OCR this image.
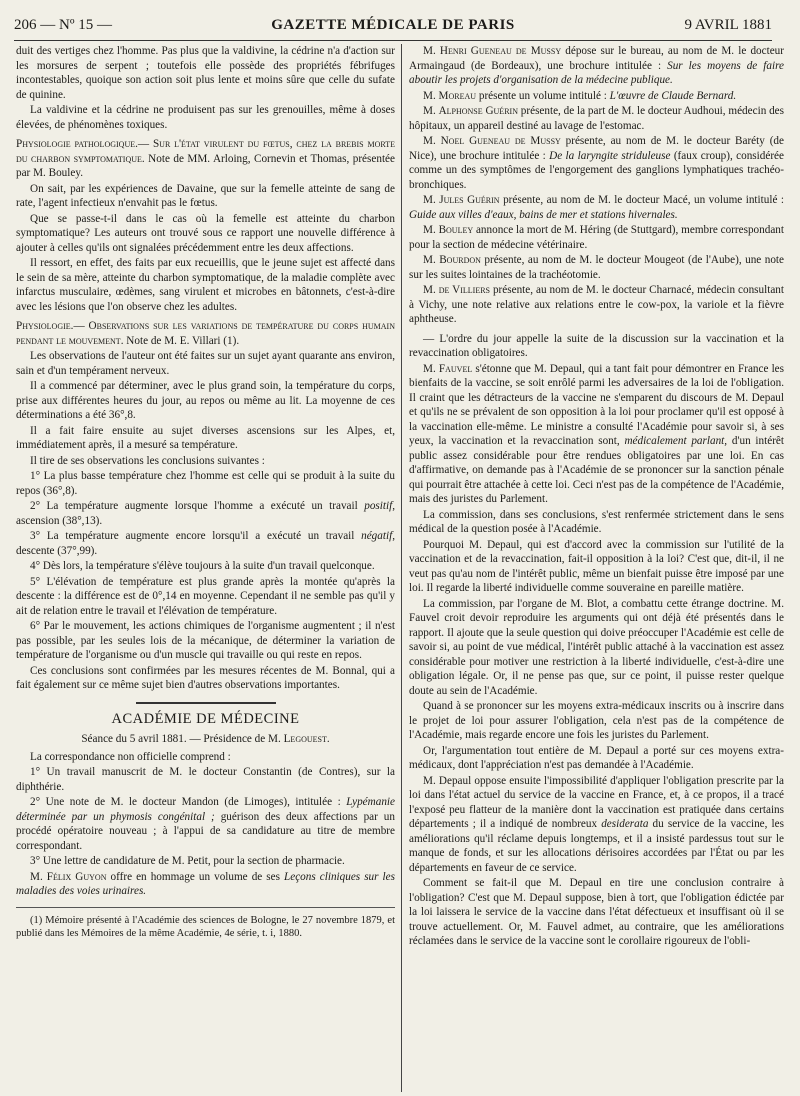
206 — Nº 15 —	GAZETTE MÉDICALE DE PARIS	9 AVRIL 1881

duit des vertiges chez l'homme. Pas plus que la valdivine, la cédrine n'a d'action sur les morsures de serpent ; toutefois elle possède des propriétés fébrifuges incontestables, quoique son action soit plus lente et moins sûre que celle du sufate de quinine.

La valdivine et la cédrine ne produisent pas sur les grenouilles, même à doses élevées, de phénomènes toxiques.

Physiologie pathologique.— Sur l'état virulent du fœtus, chez la brebis morte du charbon symptomatique. Note de MM. Arloing, Cornevin et Thomas, présentée par M. Bouley.

On sait, par les expériences de Davaine, que sur la femelle atteinte de sang de rate, l'agent infectieux n'envahit pas le fœtus.

Que se passe-t-il dans le cas où la femelle est atteinte du charbon symptomatique? Les auteurs ont trouvé sous ce rapport une nouvelle différence à ajouter à celles qu'ils ont signalées précédemment entre les deux affections.

Il ressort, en effet, des faits par eux recueillis, que le jeune sujet est affecté dans le sein de sa mère, atteinte du charbon symptomatique, de la maladie complète avec infarctus musculaire, œdèmes, sang virulent et microbes en bâtonnets, c'est-à-dire avec les lésions que l'on observe chez les adultes.

Physiologie.— Observations sur les variations de température du corps humain pendant le mouvement. Note de M. E. Villari (1).

Les observations de l'auteur ont été faites sur un sujet ayant quarante ans environ, sain et d'un tempérament nerveux.

Il a commencé par déterminer, avec le plus grand soin, la température du corps, prise aux différentes heures du jour, au repos ou même au lit. La moyenne de ces déterminations a été 36°,8.

Il a fait faire ensuite au sujet diverses ascensions sur les Alpes, et, immédiatement après, il a mesuré sa température.

Il tire de ses observations les conclusions suivantes :

1° La plus basse température chez l'homme est celle qui se produit à la suite du repos (36°,8).

2° La température augmente lorsque l'homme a exécuté un travail positif, ascension (38°,13).

3° La température augmente encore lorsqu'il a exécuté un travail négatif, descente (37°,99).

4° Dès lors, la température s'élève toujours à la suite d'un travail quelconque.

5° L'élévation de température est plus grande après la montée qu'après la descente : la différence est de 0°,14 en moyenne. Cependant il ne semble pas qu'il y ait de relation entre le travail et l'élévation de température.

6° Par le mouvement, les actions chimiques de l'organisme augmentent ; il n'est pas possible, par les seules lois de la mécanique, de déterminer la variation de température de l'organisme ou d'un muscle qui travaille ou qui reste en repos.

Ces conclusions sont confirmées par les mesures récentes de M. Bonnal, qui a fait également sur ce même sujet bien d'autres observations importantes.

ACADÉMIE DE MÉDECINE
Séance du 5 avril 1881. — Présidence de M. Legouest.

La correspondance non officielle comprend :

1° Un travail manuscrit de M. le docteur Constantin (de Contres), sur la diphthérie.

2° Une note de M. le docteur Mandon (de Limoges), intitulée : Lypémanie déterminée par un phymosis congénital ; guérison des deux affections par un procédé opératoire nouveau ; à l'appui de sa candidature au titre de membre correspondant.

3° Une lettre de candidature de M. Petit, pour la section de pharmacie.

M. Félix Guyon offre en hommage un volume de ses Leçons cliniques sur les maladies des voies urinaires.

(1) Mémoire présenté à l'Académie des sciences de Bologne, le 27 novembre 1879, et publié dans les Mémoires de la même Académie, 4e série, t. i, 1880.

M. Henri Gueneau de Mussy dépose sur le bureau, au nom de M. le docteur Armaingaud (de Bordeaux), une brochure intitulée : Sur les moyens de faire aboutir les projets d'organisation de la médecine publique.

M. Moreau présente un volume intitulé : L'œuvre de Claude Bernard.

M. Alphonse Guérin présente, de la part de M. le docteur Audhoui, médecin des hôpitaux, un appareil destiné au lavage de l'estomac.

M. Noel Gueneau de Mussy présente, au nom de M. le docteur Baréty (de Nice), une brochure intitulée : De la laryngite striduleuse (faux croup), considérée comme un des symptômes de l'engorgement des ganglions lymphatiques trachéo-bronchiques.

M. Jules Guérin présente, au nom de M. le docteur Macé, un volume intitulé : Guide aux villes d'eaux, bains de mer et stations hivernales.

M. Bouley annonce la mort de M. Héring (de Stuttgard), membre correspondant pour la section de médecine vétérinaire.

M. Bourdon présente, au nom de M. le docteur Mougeot (de l'Aube), une note sur les suites lointaines de la trachéotomie.

M. de Villiers présente, au nom de M. le docteur Charnacé, médecin consultant à Vichy, une note relative aux relations entre le cow-pox, la variole et la fièvre aphtheuse.

— L'ordre du jour appelle la suite de la discussion sur la vaccination et la revaccination obligatoires.

M. Fauvel s'étonne que M. Depaul, qui a tant fait pour démontrer en France les bienfaits de la vaccine, se soit enrôlé parmi les adversaires de la loi de l'obligation. Il craint que les détracteurs de la vaccine ne s'emparent du discours de M. Depaul et qu'ils ne se prévalent de son opposition à la loi pour proclamer qu'il est opposé à la vaccination elle-même. Le ministre a consulté l'Académie pour savoir si, à ses yeux, la vaccination et la revaccination sont, médicalement parlant, d'un intérêt public assez considérable pour être rendues obligatoires par une loi. En cas d'affirmative, on demande pas à l'Académie de se prononcer sur la sanction pénale qui pourrait être attachée à cette loi. Ceci n'est pas de la compétence de l'Académie, mais des juristes du Parlement.

La commission, dans ses conclusions, s'est renfermée strictement dans le sens médical de la question posée à l'Académie.

Pourquoi M. Depaul, qui est d'accord avec la commission sur l'utilité de la vaccination et de la revaccination, fait-il opposition à la loi? C'est que, dit-il, il ne veut pas qu'au nom de l'intérêt public, même un bienfait puisse être imposé par une loi. Il regarde la liberté individuelle comme souveraine en pareille matière.

La commission, par l'organe de M. Blot, a combattu cette étrange doctrine. M. Fauvel croit devoir reproduire les arguments qui ont déjà été présentés dans le rapport. Il ajoute que la seule question qui doive préoccuper l'Académie est celle de savoir si, au point de vue médical, l'intérêt public attaché à la vaccination est assez considérable pour motiver une restriction à la liberté individuelle, c'est-à-dire une obligation légale. Or, il ne pense pas que, sur ce point, il puisse rester quelque doute au sein de l'Académie.

Quand à se prononcer sur les moyens extra-médicaux inscrits ou à inscrire dans le projet de loi pour assurer l'obligation, cela n'est pas de la compétence de l'Académie, mais regarde encore une fois les juristes du Parlement.

Or, l'argumentation tout entière de M. Depaul a porté sur ces moyens extra-médicaux, dont l'appréciation n'est pas demandée à l'Académie.

M. Depaul oppose ensuite l'impossibilité d'appliquer l'obligation prescrite par la loi dans l'état actuel du service de la vaccine en France, et, à ce propos, il a tracé l'exposé peu flatteur de la manière dont la vaccination est pratiquée dans certains départements ; il a indiqué de nombreux desiderata du service de la vaccine, les améliorations qu'il réclame depuis longtemps, et il a insisté pardessus tout sur le manque de fonds, et sur les allocations dérisoires accordées par l'État ou par les départements en faveur de ce service.

Comment se fait-il que M. Depaul en tire une conclusion contraire à l'obligation? C'est que M. Depaul suppose, bien à tort, que l'obligation édictée par la loi laissera le service de la vaccine dans l'état défectueux et insuffisant où il se trouve actuellement. Or, M. Fauvel admet, au contraire, que les améliorations réclamées dans le service de la vaccine sont le corollaire rigoureux de l'obli-
